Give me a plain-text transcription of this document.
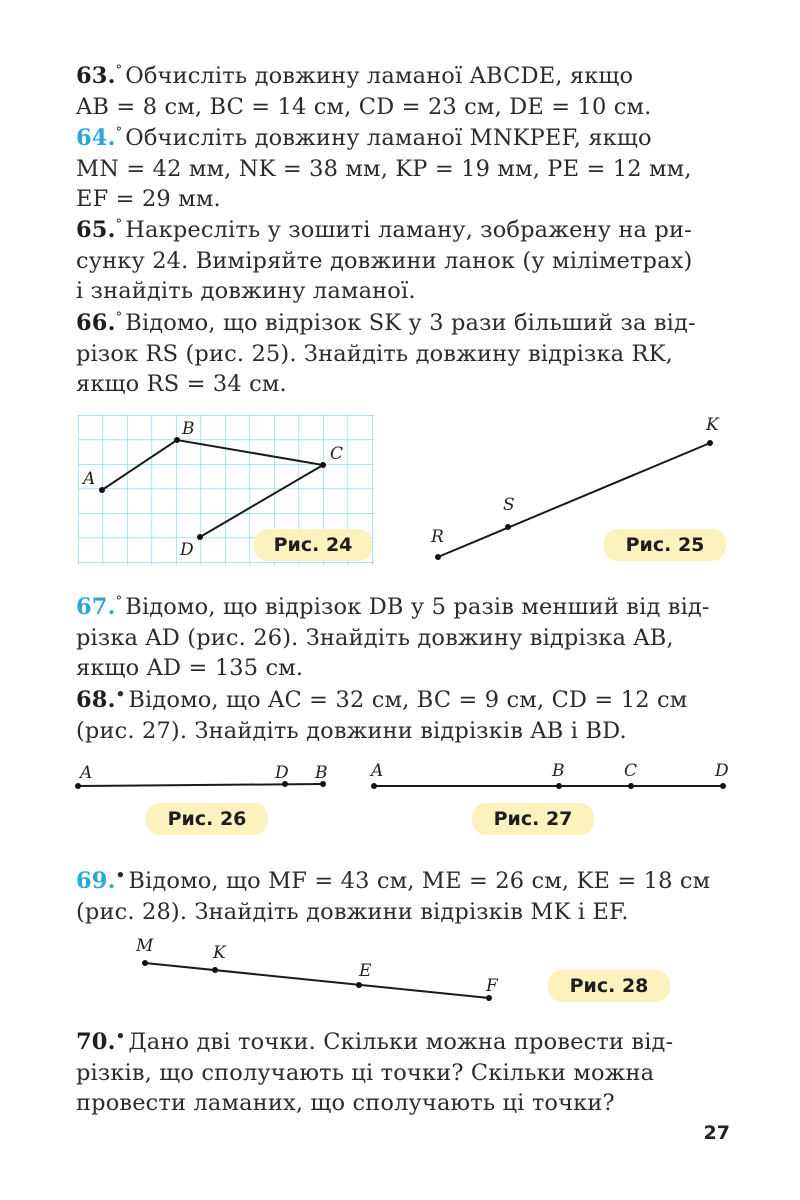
63.° Обчисліть довжину ламаної ABCDE, якщо
AB = 8 см, BC = 14 см, CD = 23 см, DE = 10 см.
64.° Обчисліть довжину ламаної MNKPEF, якщо
MN = 42 мм, NK = 38 мм, KP = 19 мм, PE = 12 мм,
EF = 29 мм.
65.° Накресліть у зошиті ламану, зображену на ри-
сунку 24. Виміряйте довжини ланок (у міліметрах)
і знайдіть довжину ламаної.
66.° Відомо, що відрізок SK у 3 рази більший за від-
різок RS (рис. 25). Знайдіть довжину відрізка RK,
якщо RS = 34 см.
A
B
C
D	Рис. 24	R
S
K
Рис. 25
67.° Відомо, що відрізок DB у 5 разів менший від від-
різка AD (рис. 26). Знайдіть довжину відрізка AB,
якщо AD = 135 см.
68.• Відомо, що AC = 32 см, BC = 9 см, CD = 12 см
(рис. 27). Знайдіть довжини відрізків AB і BD.
A	D B
Рис. 26
A	B	C	D
Рис. 27
69.• Відомо, що MF = 43 см, ME = 26 см, KE = 18 см
(рис. 28). Знайдіть довжини відрізків MK і EF.
M	K
E
F	Рис. 28
70.• Дано дві точки. Скільки можна провести від-
різків, що сполучають ці точки? Скільки можна
провести ламаних, що сполучають ці точки?
27
